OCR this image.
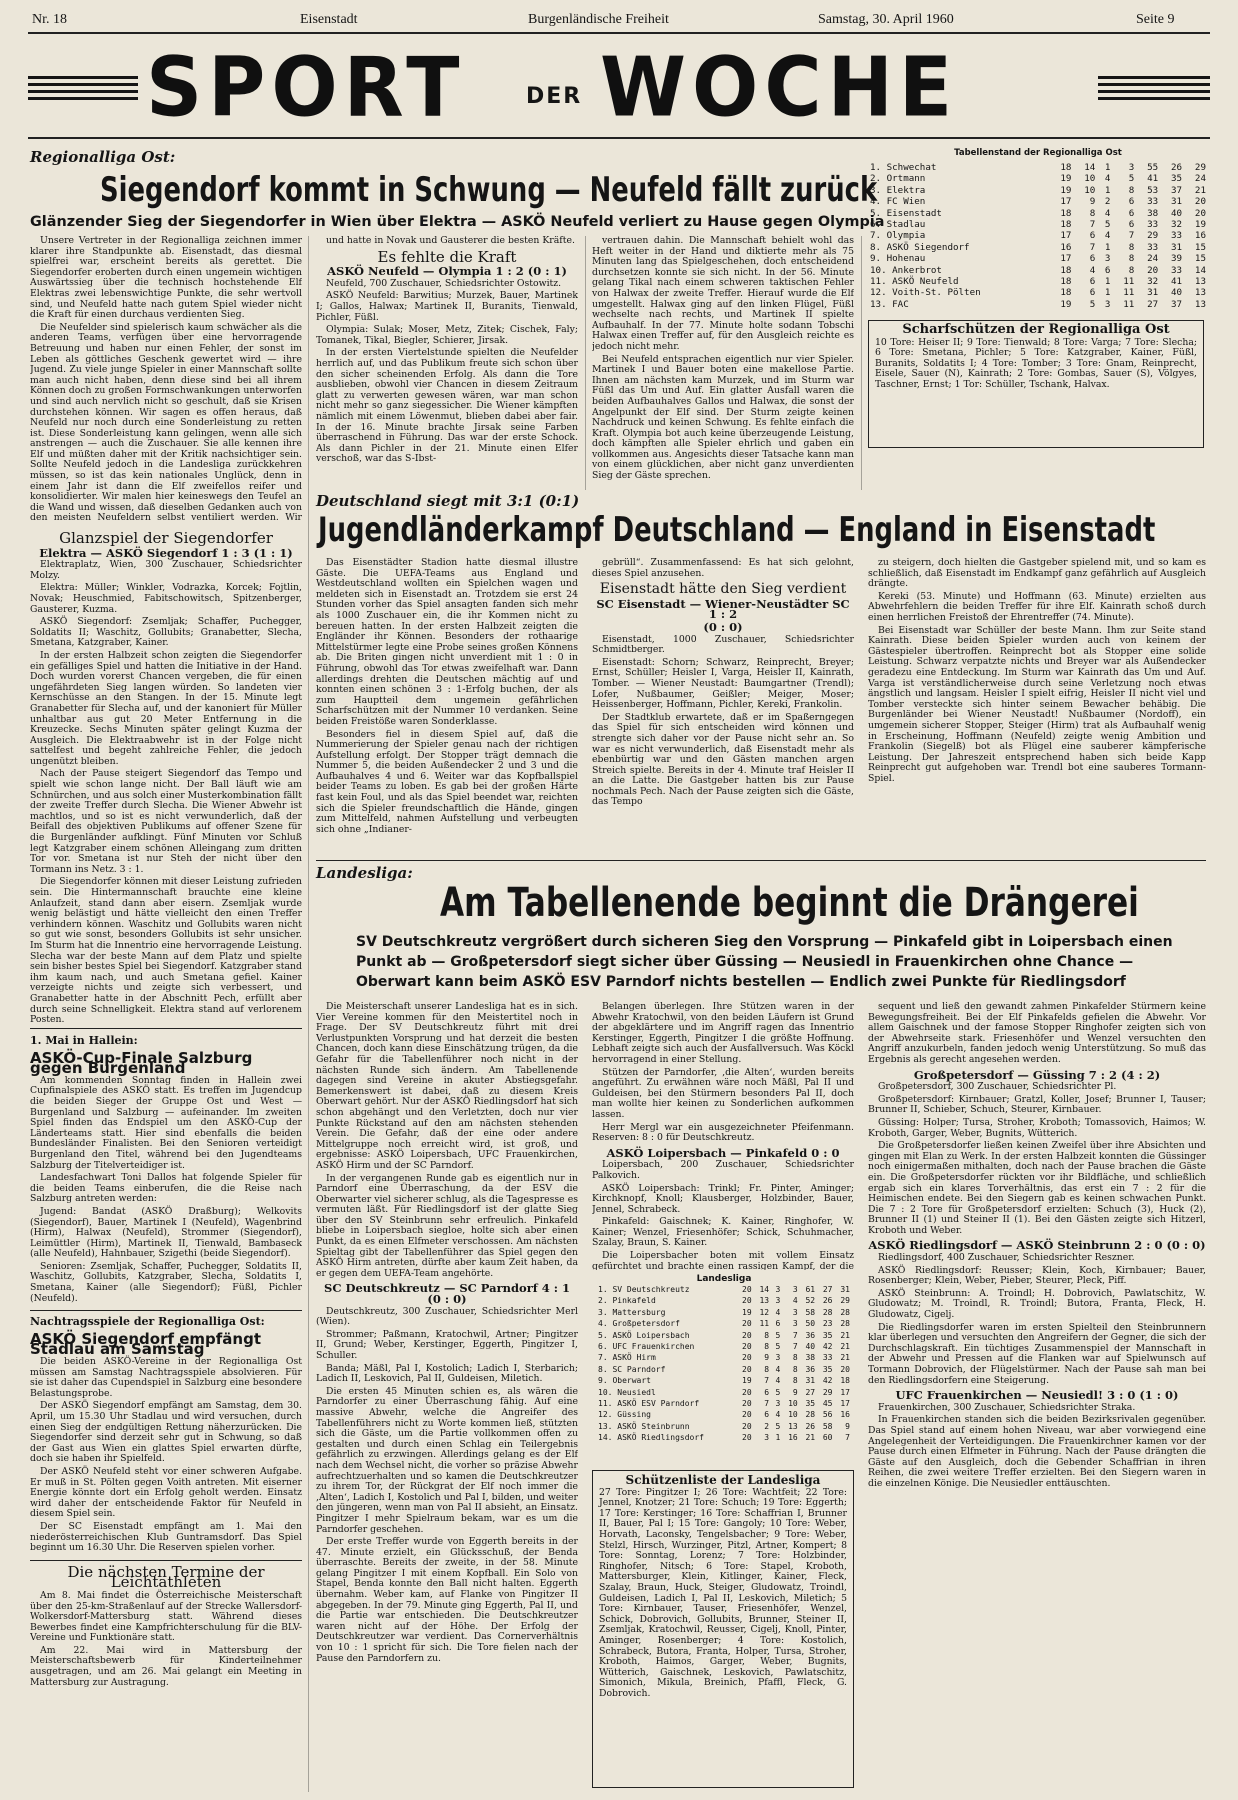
Nr. 18	Eisenstadt	Burgenländische Freiheit	Samstag, 30. April 1960	Seite 9
SPORT	DER WOCHE
Regionalliga Ost:
Siegendorf kommt in Schwung — Neufeld fällt zurück
Glänzender Sieg der Siegendorfer in Wien über Elektra — ASKÖ Neufeld verliert zu Hause gegen Olympia

Unsere Vertreter in der Regionalliga zeichnen immer klarer ihre Standpunkte ab. Eisenstadt, das diesmal spielfrei war, erscheint bereits als gerettet. Die Siegendorfer eroberten durch einen ungemein wichtigen Auswärtssieg über die technisch hochstehende Elf Elektras zwei lebenswichtige Punkte, die sehr wertvoll sind, und Neufeld hatte nach gutem Spiel wieder nicht die Kraft für einen durchaus verdienten Sieg.

Die Neufelder sind spielerisch kaum schwächer als die anderen Teams, verfügen über eine hervorragende Betreuung und haben nur einen Fehler, der sonst im Leben als göttliches Geschenk gewertet wird — ihre Jugend. Zu viele junge Spieler in einer Mannschaft sollte man auch nicht haben, denn diese sind bei all ihrem Können doch zu großen Formschwankungen unterworfen und sind auch nervlich nicht so geschult, daß sie Krisen durchstehen können. Wir sagen es offen heraus, daß Neufeld nur noch durch eine Sonderleistung zu retten ist. Diese Sonderleistung kann gelingen, wenn alle sich anstrengen — auch die Zuschauer. Sie alle kennen ihre Elf und müßten daher mit der Kritik nachsichtiger sein. Sollte Neufeld jedoch in die Landesliga zurückkehren müssen, so ist das kein nationales Unglück, denn in einem Jahr ist dann die Elf zweifellos reifer und konsolidierter. Wir malen hier keineswegs den Teufel an die Wand und wissen, daß dieselben Gedanken auch von den meisten Neufeldern selbst ventiliert werden. Wir

Glanzspiel der Siegendorfer
Elektra — ASKÖ Siegendorf 1 : 3 (1 : 1)

Elektraplatz, Wien, 300 Zuschauer, Schiedsrichter Molzy.

Elektra: Müller; Winkler, Vodrazka, Korcek; Fojtlin, Novak; Heuschmied, Fabitschowitsch, Spitzenberger, Gausterer, Kuzma.

ASKÖ Siegendorf: Zsemljak; Schaffer, Puchegger, Soldatits II; Waschitz, Gollubits; Granabetter, Slecha, Smetana, Katzgraber, Kainer.

In der ersten Halbzeit schon zeigten die Siegendorfer ein gefälliges Spiel und hatten die Initiative in der Hand. Doch wurden vorerst Chancen vergeben, die für einen ungefährdeten Sieg langen würden. So landeten vier Kernschüsse an den Stangen. In der 15. Minute legt Granabetter für Slecha auf, und der kanoniert für Müller unhaltbar aus gut 20 Meter Entfernung in die Kreuzecke. Sechs Minuten später gelingt Kuzma der Ausgleich. Die Elektraabwehr ist in der Folge nicht sattelfest und begeht zahlreiche Fehler, die jedoch ungenützt bleiben.

Nach der Pause steigert Siegendorf das Tempo und spielt wie schon lange nicht. Der Ball läuft wie am Schnürchen, und aus solch einer Musterkombination fällt der zweite Treffer durch Slecha. Die Wiener Abwehr ist machtlos, und so ist es nicht verwunderlich, daß der Beifall des objektiven Publikums auf offener Szene für die Burgenländer aufklingt. Fünf Minuten vor Schluß legt Katzgraber einem schönen Alleingang zum dritten Tor vor. Smetana ist nur Steh der nicht über den Tormann ins Netz. 3 : 1.

Die Siegendorfer können mit dieser Leistung zufrieden sein. Die Hintermannschaft brauchte eine kleine Anlaufzeit, stand dann aber eisern. Zsemljak wurde wenig belästigt und hätte vielleicht den einen Treffer verhindern können. Waschitz und Gollubits waren nicht so gut wie sonst, besonders Gollubits ist sehr unsicher. Im Sturm hat die Innentrio eine hervorragende Leistung. Slecha war der beste Mann auf dem Platz und spielte sein bisher bestes Spiel bei Siegendorf. Katzgraber stand ihm kaum nach, und auch Smetana gefiel. Kainer verzeigte nichts und zeigte sich verbessert, und Granabetter hatte in der Abschnitt Pech, erfüllt aber durch seine Schnelligkeit. Elektra stand auf verlorenem Posten.

und hatte in Novak und Gausterer die besten Kräfte.

Es fehlte die Kraft
ASKÖ Neufeld — Olympia 1 : 2 (0 : 1)

Neufeld, 700 Zuschauer, Schiedsrichter Ostowitz.

ASKÖ Neufeld: Barwitius; Murzek, Bauer, Martinek I; Gallos, Halwax; Martinek II, Buranits, Tienwald, Pichler, Füßl.

Olympia: Sulak; Moser, Metz, Zitek; Cischek, Faly; Tomanek, Tikal, Biegler, Schierer, Jirsak.

In der ersten Viertelstunde spielten die Neufelder herrlich auf, und das Publikum freute sich schon über den sicher scheinenden Erfolg. Als dann die Tore ausblieben, obwohl vier Chancen in diesem Zeitraum glatt zu verwerten gewesen wären, war man schon nicht mehr so ganz siegessicher. Die Wiener kämpften nämlich mit einem Löwenmut, blieben dabei aber fair. In der 16. Minute brachte Jirsak seine Farben überraschend in Führung. Das war der erste Schock. Als dann Pichler in der 21. Minute einen Elfer verschoß, war das S-Ibst-

vertrauen dahin. Die Mannschaft behielt wohl das Heft weiter in der Hand und diktierte mehr als 75 Minuten lang das Spielgeschehen, doch entscheidend durchsetzen konnte sie sich nicht. In der 56. Minute gelang Tikal nach einem schweren taktischen Fehler von Halwax der zweite Treffer. Hierauf wurde die Elf umgestellt. Halwax ging auf den linken Flügel, Füßl wechselte nach rechts, und Martinek II spielte Aufbauhalf. In der 77. Minute holte sodann Tobschi Halwax einen Treffer auf, für den Ausgleich reichte es jedoch nicht mehr.

Bei Neufeld entsprachen eigentlich nur vier Spieler. Martinek I und Bauer boten eine makellose Partie. Ihnen am nächsten kam Murzek, und im Sturm war Füßl das Um und Auf. Ein glatter Ausfall waren die beiden Aufbauhalves Gallos und Halwax, die sonst der Angelpunkt der Elf sind. Der Sturm zeigte keinen Nachdruck und keinen Schwung. Es fehlte einfach die Kraft. Olympia bot auch keine überzeugende Leistung, doch kämpften alle Spieler ehrlich und gaben ein vollkommen aus. Angesichts dieser Tatsache kann man von einem glücklichen, aber nicht ganz unverdienten Sieg der Gäste sprechen.

Tabellenstand der Regionalliga Ost
1. Schwechat	18	14	1	3	55	26	29
2. Ortmann	19	10	4	5	41	35	24
3. Elektra	19	10	1	8	53	37	21
4. FC Wien	17	9	2	6	33	31	20
5. Eisenstadt	18	8	4	6	38	40	20
6. Stadlau	18	7	5	6	33	32	19
7. Olympia	17	6	4	7	29	33	16
8. ASKÖ Siegendorf	16	7	1	8	33	31	15
9. Hohenau	17	6	3	8	24	39	15
10. Ankerbrot	18	4	6	8	20	33	14
11. ASKÖ Neufeld	18	6	1	11	32	41	13
12. Voith-St. Pölten	18	6	1	11	31	40	13
13. FAC	19	5	3	11	27	37	13
Scharfschützen der Regionalliga Ost

10 Tore: Heiser II; 9 Tore: Tienwald; 8 Tore: Varga; 7 Tore: Slecha; 6 Tore: Smetana, Pichler; 5 Tore: Katzgraber, Kainer, Füßl, Buranits, Soldatits I; 4 Tore: Tomber; 3 Tore: Gnam, Reinprecht, Eisele, Sauer (N), Kainrath; 2 Tore: Gombas, Sauer (S), Völgyes, Taschner, Ernst; 1 Tor: Schüller, Tschank, Halvax.

Deutschland siegt mit 3:1 (0:1)
Jugendländerkampf Deutschland — England in Eisenstadt

Das Eisenstädter Stadion hatte diesmal illustre Gäste. Die UEFA-Teams aus England und Westdeutschland wollten ein Spielchen wagen und meldeten sich in Eisenstadt an. Trotzdem sie erst 24 Stunden vorher das Spiel ansagten fanden sich mehr als 1000 Zuschauer ein, die ihr Kommen nicht zu bereuen hatten. In der ersten Halbzeit zeigten die Engländer ihr Können. Besonders der rothaarige Mittelstürmer legte eine Probe seines großen Könnens ab. Die Briten gingen nicht unverdient mit 1 : 0 in Führung, obwohl das Tor etwas zweifelhaft war. Dann allerdings drehten die Deutschen mächtig auf und konnten einen schönen 3 : 1-Erfolg buchen, der als zum Hauptteil dem ungemein gefährlichen Scharfschützen mit der Nummer 10 verdanken. Seine beiden Freistöße waren Sonderklasse.

Besonders fiel in diesem Spiel auf, daß die Nummerierung der Spieler genau nach der richtigen Aufstellung erfolgt. Der Stopper trägt demnach die Nummer 5, die beiden Außendecker 2 und 3 und die Aufbauhalves 4 und 6. Weiter war das Kopfballspiel beider Teams zu loben. Es gab bei der großen Härte fast kein Foul, und als das Spiel beendet war, reichten sich die Spieler freundschaftlich die Hände, gingen zum Mittelfeld, nahmen Aufstellung und verbeugten sich ohne „Indianer-

gebrüll“. Zusammenfassend: Es hat sich gelohnt, dieses Spiel anzusehen.

Eisenstadt hätte den Sieg verdient
SC Eisenstadt — Wiener-Neustädter SC 1 : 2
(0 : 0)

Eisenstadt, 1000 Zuschauer, Schiedsrichter Schmidtberger.

Eisenstadt: Schorn; Schwarz, Reinprecht, Breyer; Ernst, Schüller; Heisler I, Varga, Heisler II, Kainrath, Tomber. — Wiener Neustadt: Baumgartner (Trendl); Lofer, Nußbaumer, Geißler; Meiger, Moser; Heissenberger, Hoffmann, Pichler, Kereki, Frankolin.

Der Stadtklub erwartete, daß er im Spaßerngegen das Spiel für sich entscheiden wird können und strengte sich daher vor der Pause nicht sehr an. So war es nicht verwunderlich, daß Eisenstadt mehr als ebenbürtig war und den Gästen manchen argen Streich spielte. Bereits in der 4. Minute traf Heisler II an die Latte. Die Gastgeber hatten bis zur Pause nochmals Pech. Nach der Pause zeigten sich die Gäste, das Tempo

zu steigern, doch hielten die Gastgeber spielend mit, und so kam es schließlich, daß Eisenstadt im Endkampf ganz gefährlich auf Ausgleich drängte.

Kereki (53. Minute) und Hoffmann (63. Minute) erzielten aus Abwehrfehlern die beiden Treffer für ihre Elf. Kainrath schoß durch einen herrlichen Freistoß der Ehrentreffer (74. Minute).

Bei Eisenstadt war Schüller der beste Mann. Ihm zur Seite stand Kainrath. Diese beiden Spieler wurden auch von keinem der Gästespieler übertroffen. Reinprecht bot als Stopper eine solide Leistung. Schwarz verpatzte nichts und Breyer war als Außendecker geradezu eine Entdeckung. Im Sturm war Kainrath das Um und Auf. Varga ist verständlicherweise durch seine Verletzung noch etwas ängstlich und langsam. Heisler I spielt eifrig, Heisler II nicht viel und Tomber versteckte sich hinter seinem Bewacher behäbig. Die Burgenländer bei Wiener Neustadt! Nußbaumer (Nordoff), ein umgemein sicherer Stopper, Steiger (Hirm) trat als Aufbauhalf wenig in Erscheinung, Hoffmann (Neufeld) zeigte wenig Ambition und Frankolin (Siegelß) bot als Flügel eine sauberer kämpferische Leistung. Der Jahreszeit entsprechend haben sich beide Kapp Reinprecht gut aufgehoben war. Trendl bot eine sauberes Tormann-Spiel.

Landesliga:
Am Tabellenende beginnt die Drängerei
SV Deutschkreutz vergrößert durch sicheren Sieg den Vorsprung — Pinkafeld gibt in Loipersbach einen
Punkt ab — Großpetersdorf siegt sicher über Güssing — Neusiedl in Frauenkirchen ohne Chance —
Oberwart kann beim ASKÖ ESV Parndorf nichts bestellen — Endlich zwei Punkte für Riedlingsdorf

Die Meisterschaft unserer Landesliga hat es in sich. Vier Vereine kommen für den Meistertitel noch in Frage. Der SV Deutschkreutz führt mit drei Verlustpunkten Vorsprung und hat derzeit die besten Chancen, doch kann diese Einschätzung trügen, da die Gefahr für die Tabellenführer noch nicht in der nächsten Runde sich ändern. Am Tabellenende dagegen sind Vereine in akuter Abstiegsgefahr. Bemerkenswert ist dabei, daß zu diesem Kreis Oberwart gehört. Nur der ASKÖ Riedlingsdorf hat sich schon abgehängt und den Verletzten, doch nur vier Punkte Rückstand auf den am nächsten stehenden Verein. Die Gefahr, daß der eine oder andere Mittelgruppe noch erreicht wird, ist groß, und ergebnisse: ASKÖ Loipersbach, UFC Frauenkirchen, ASKÖ Hirm und der SC Parndorf.

In der vergangenen Runde gab es eigentlich nur in Parndorf eine Überraschung, da der ESV die Oberwarter viel sicherer schlug, als die Tagespresse es vermuten läßt. Für Riedlingsdorf ist der glatte Sieg über den SV Steinbrunn sehr erfreulich. Pinkafeld bliebe in Loipersbach siegloe, holte sich aber einen Punkt, da es einen Elfmeter verschossen. Am nächsten Spieltag gibt der Tabellenführer das Spiel gegen den ASKÖ Hirm antreten, dürfte aber kaum Zeit haben, da er gegen dem UEFA-Team angehörte.

SC Deutschkreutz — SC Parndorf 4 : 1 (0 : 0)

Deutschkreutz, 300 Zuschauer, Schiedsrichter Merl (Wien).

Strommer; Paßmann, Kratochwil, Artner; Pingitzer II, Grund; Weber, Kerstinger, Eggerth, Pingitzer I, Schuller.

Banda; Mäßl, Pal I, Kostolich; Ladich I, Sterbarich; Ladich II, Leskovich, Pal II, Guldeisen, Miletich.

Die ersten 45 Minuten schien es, als wären die Parndorfer zu einer Überraschung fähig. Auf eine massive Abwehr, welche die Angreifer des Tabellenführers nicht zu Worte kommen ließ, stützten sich die Gäste, um die Partie vollkommen offen zu gestalten und durch einen Schlag ein Teilergebnis gefährlich zu erzwingen. Allerdings gelang es der Elf nach dem Wechsel nicht, die vorher so präzise Abwehr aufrechtzuerhalten und so kamen die Deutschkreutzer zu ihrem Tor, der Rückgrat der Elf noch immer die ‚Alten‘, Ladich I, Kostolich und Pal I, bilden, und weiter den jüngeren, wenn man von Pal II absieht, an Einsatz. Pingitzer I mehr Spielraum bekam, war es um die Parndorfer geschehen.

Der erste Treffer wurde von Eggerth bereits in der 47. Minute erzielt, ein Glücksschuß, der Benda überraschte. Bereits der zweite, in der 58. Minute gelang Pingitzer I mit einem Kopfball. Ein Solo von Stapel, Benda konnte den Ball nicht halten. Eggerth übernahm. Weber kam, auf Flanke von Pingitzer II abgegeben. In der 79. Minute ging Eggerth, Pal II, und die Partie war entschieden. Die Deutschkreutzer waren nicht auf der Höhe. Der Erfolg der Deutschkreutzer war verdient. Das Cornerverhältnis von 10 : 1 spricht für sich. Die Tore fielen nach der Pause den Parndorfern zu.

Belangen überlegen. Ihre Stützen waren in der Abwehr Kratochwil, von den beiden Läufern ist Grund der abgeklärtere und im Angriff ragen das Innentrio Kerstinger, Eggerth, Pingitzer I die größte Hoffnung. Lebhaft zeigte sich auch der Ausfallversuch. Was Köckl hervorragend in einer Stellung.

Stützen der Parndorfer, ‚die Alten‘, wurden bereits angeführt. Zu erwähnen wäre noch Mäßl, Pal II und Guldeisen, bei den Stürmern besonders Pal II, doch man wollte hier keinen zu Sonderlichen aufkommen lassen.

Herr Mergl war ein ausgezeichneter Pfeifenmann. Reserven: 8 : 0 für Deutschkreutz.

ASKÖ Loipersbach — Pinkafeld 0 : 0

Loipersbach, 200 Zuschauer, Schiedsrichter Palkovich.

ASKÖ Loipersbach: Trinkl; Fr. Pinter, Aminger; Kirchknopf, Knoll; Klausberger, Holzbinder, Bauer, Jennel, Schrabeck.

Pinkafeld: Gaischnek; K. Kainer, Ringhofer, W. Kainer; Wenzel, Friesenhöfer; Schick, Schuhmacher, Szalay, Braun, S. Kainer.

Die Loipersbacher boten mit vollem Einsatz gefürchtet und brachte einen rassigen Kampf, der die

Landesliga
1. SV Deutschkreutz	20	14	3	3	61	27	31
2. Pinkafeld	20	13	3	4	52	26	29
3. Mattersburg	19	12	4	3	58	28	28
4. Großpetersdorf	20	11	6	3	50	23	28
5. ASKÖ Loipersbach	20	8	5	7	36	35	21
6. UFC Frauenkirchen	20	8	5	7	40	42	21
7. ASKÖ Hirm	20	9	3	8	38	33	21
8. SC Parndorf	20	8	4	8	36	35	20
9. Oberwart	19	7	4	8	31	42	18
10. Neusiedl	20	6	5	9	27	29	17
11. ASKÖ ESV Parndorf	20	7	3	10	35	45	17
12. Güssing	20	6	4	10	28	56	16
13. ASKÖ Steinbrunn	20	2	5	13	26	58	9
14. ASKÖ Riedlingsdorf	20	3	1	16	21	60	7
Schützenliste der Landesliga

27 Tore: Pingitzer I; 26 Tore: Wachtfeit; 22 Tore: Jennel, Knotzer; 21 Tore: Schuch; 19 Tore: Eggerth; 17 Tore: Kerstinger; 16 Tore: Schaffrian I, Brunner II, Bauer, Pal I; 15 Tore: Gangoly; 10 Tore: Weber, Horvath, Laconsky, Tengelsbacher; 9 Tore: Weber, Stelzl, Hirsch, Wurzinger, Pitzl, Artner, Kompert; 8 Tore: Sonntag, Lorenz; 7 Tore: Holzbinder, Ringhofer, Nitsch; 6 Tore: Stapel, Kroboth, Mattersburger, Klein, Kitlinger, Kainer, Fleck, Szalay, Braun, Huck, Steiger, Gludowatz, Troindl, Guldeisen, Ladich I, Pal II, Leskovich, Miletich; 5 Tore: Kirnbauer, Tauser, Friesenhöfer, Wenzel, Schick, Dobrovich, Gollubits, Brunner, Steiner II, Zsemljak, Kratochwil, Reusser, Cigelj, Knoll, Pinter, Aminger, Rosenberger; 4 Tore: Kostolich, Schrabeck, Butora, Franta, Holper, Tursa, Stroher, Kroboth, Haimos, Garger, Weber, Bugnits, Wütterich, Gaischnek, Leskovich, Pawlatschitz, Simonich, Mikula, Breinich, Pfaffl, Fleck, G. Dobrovich.

sequent und ließ den gewandt zahmen Pinkafelder Stürmern keine Bewegungsfreiheit. Bei der Elf Pinkafelds gefielen die Abwehr. Vor allem Gaischnek und der famose Stopper Ringhofer zeigten sich von der Abwehrseite stark. Friesenhöfer und Wenzel versuchten den Angriff anzukurbeln, fanden jedoch wenig Unterstützung. So muß das Ergebnis als gerecht angesehen werden.

Großpetersdorf — Güssing 7 : 2 (4 : 2)

Großpetersdorf, 300 Zuschauer, Schiedsrichter Pl.

Großpetersdorf: Kirnbauer; Gratzl, Koller, Josef; Brunner I, Tauser; Brunner II, Schieber, Schuch, Steurer, Kirnbauer.

Güssing: Holper; Tursa, Stroher, Kroboth; Tomassovich, Haimos; W. Kroboth, Garger, Weber, Bugnits, Wütterich.

Die Großpetersdorfer ließen keinen Zweifel über ihre Absichten und gingen mit Elan zu Werk. In der ersten Halbzeit konnten die Güssinger noch einigermaßen mithalten, doch nach der Pause brachen die Gäste ein. Die Großpetersdorfer rückten vor ihr Bildfläche, und schließlich ergab sich ein klares Torverhältnis, das erst ein 7 : 2 für die Heimischen endete. Bei den Siegern gab es keinen schwachen Punkt. Die 7 : 2 Tore für Großpetersdorf erzielten: Schuch (3), Huck (2), Brunner II (1) und Steiner II (1). Bei den Gästen zeigte sich Hitzerl, Kroboth und Weber.

ASKÖ Riedlingsdorf — ASKÖ Steinbrunn 2 : 0 (0 : 0)

Riedlingsdorf, 400 Zuschauer, Schiedsrichter Reszner.

ASKÖ Riedlingsdorf: Reusser; Klein, Koch, Kirnbauer; Bauer, Rosenberger; Klein, Weber, Pieber, Steurer, Pleck, Piff.

ASKÖ Steinbrunn: A. Troindl; H. Dobrovich, Pawlatschitz, W. Gludowatz; M. Troindl, R. Troindl; Butora, Franta, Fleck, H. Gludowatz, Cigelj.

Die Riedlingsdorfer waren im ersten Spielteil den Steinbrunnern klar überlegen und versuchten den Angreifern der Gegner, die sich der Durchschlagskraft. Ein tüchtiges Zusammenspiel der Mannschaft in der Abwehr und Pressen auf die Flanken war auf Spielwunsch auf Tormann Dobrovich, der Flügelstürmer. Nach der Pause sah man bei den Riedlingsdorfern eine Steigerung.

UFC Frauenkirchen — Neusiedl! 3 : 0 (1 : 0)

Frauenkirchen, 300 Zuschauer, Schiedsrichter Straka.

In Frauenkirchen standen sich die beiden Bezirksrivalen gegenüber. Das Spiel stand auf einem hohen Niveau, war aber vorwiegend eine Angelegenheit der Verteidigungen. Die Frauenkirchner kamen vor der Pause durch einen Elfmeter in Führung. Nach der Pause drängten die Gäste auf den Ausgleich, doch die Gebender Schaffrian in ihren Reihen, die zwei weitere Treffer erzielten. Bei den Siegern waren in die einzelnen Könige. Die Neusiedler enttäuschten.

1. Mai in Hallein:
ASKÖ-Cup-Finale Salzburg gegen Burgenland

Am kommenden Sonntag finden in Hallein zwei Cupfinalspiele des ASKÖ statt. Es treffen im Jugendcup die beiden Sieger der Gruppe Ost und West — Burgenland und Salzburg — aufeinander. Im zweiten Spiel finden das Endspiel um den ASKÖ-Cup der Länderteams statt. Hier sind ebenfalls die beiden Bundesländer Finalisten. Bei den Senioren verteidigt Burgenland den Titel, während bei den Jugendteams Salzburg der Titelverteidiger ist.

Landesfachwart Toni Dallos hat folgende Spieler für die beiden Teams einberufen, die die Reise nach Salzburg antreten werden:

Jugend: Bandat (ASKÖ Draßburg); Welkovits (Siegendorf), Bauer, Martinek I (Neufeld), Wagenbrind (Hirm), Halwax (Neufeld), Strommer (Siegendorf), Leimüttler (Hirm), Martinek II, Tienwald, Bambaseck (alle Neufeld), Hahnbauer, Szigethi (beide Siegendorf).

Senioren: Zsemljak, Schaffer, Puchegger, Soldatits II, Waschitz, Gollubits, Katzgraber, Slecha, Soldatits I, Smetana, Kainer (alle Siegendorf); Füßl, Pichler (Neufeld).

Nachtragsspiele der Regionalliga Ost:
ASKÖ Siegendorf empfängt Stadlau am Samstag

Die beiden ASKÖ-Vereine in der Regionalliga Ost müssen am Samstag Nachtragsspiele absolvieren. Für sie ist daher das Cupendspiel in Salzburg eine besondere Belastungsprobe.

Der ASKÖ Siegendorf empfängt am Samstag, dem 30. April, um 15.30 Uhr Stadlau und wird versuchen, durch einen Sieg der endgültigen Rettung näherzurücken. Die Siegendorfer sind derzeit sehr gut in Schwung, so daß der Gast aus Wien ein glattes Spiel erwarten dürfte, doch sie haben ihr Spielfeld.

Der ASKÖ Neufeld steht vor einer schweren Aufgabe. Er muß in St. Pölten gegen Voith antreten. Mit eiserner Energie könnte dort ein Erfolg geholt werden. Einsatz wird daher der entscheidende Faktor für Neufeld in diesem Spiel sein.

Der SC Eisenstadt empfängt am 1. Mai den niederösterreichischen Klub Guntramsdorf. Das Spiel beginnt um 16.30 Uhr. Die Reserven spielen vorher.

Die nächsten Termine der Leichtathleten

Am 8. Mai findet die Österreichische Meisterschaft über den 25-km-Straßenlauf auf der Strecke Wallersdorf-Wolkersdorf-Mattersburg statt. Während dieses Bewerbes findet eine Kampfrichterschulung für die BLV-Vereine und Funktionäre statt.

Am 22. Mai wird in Mattersburg der Meisterschaftsbewerb für Kinderteilnehmer ausgetragen, und am 26. Mai gelangt ein Meeting in Mattersburg zur Austragung.
